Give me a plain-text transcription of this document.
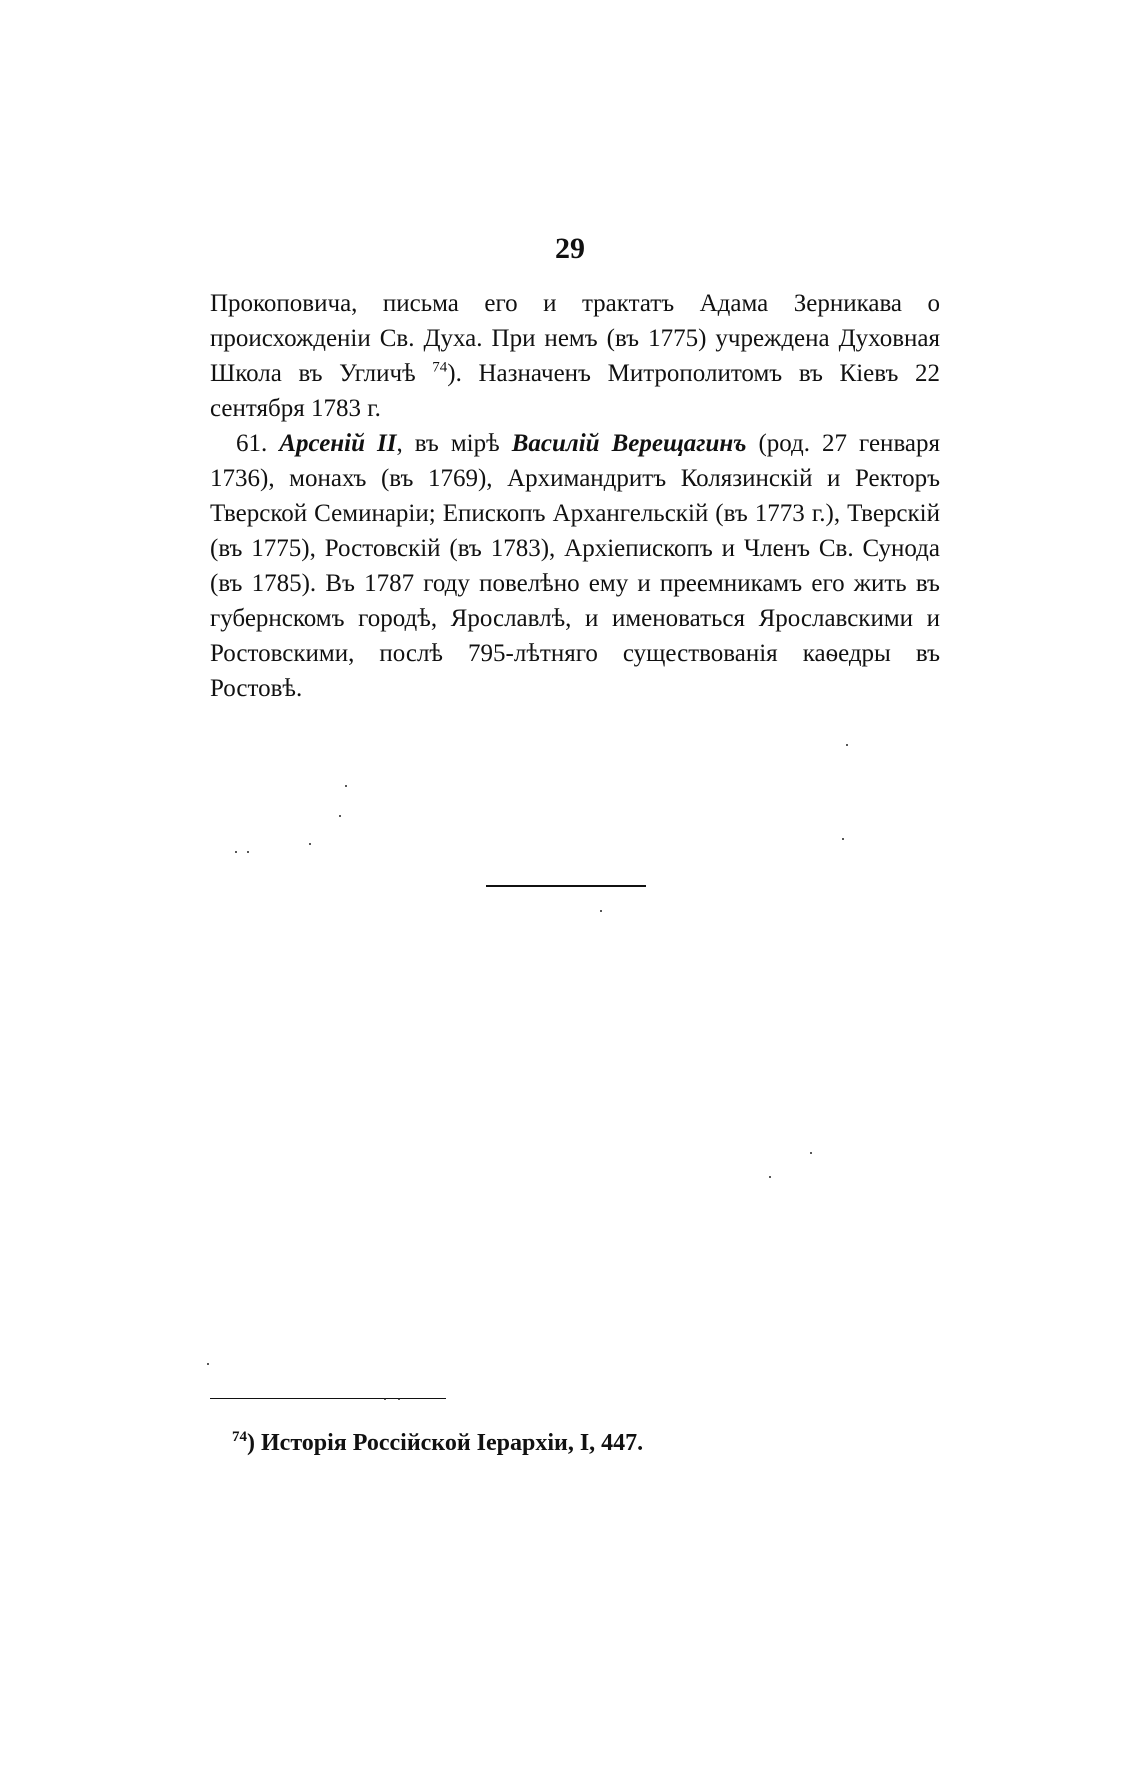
29

Прокоповича, письма его и трактатъ Адама Зерникава о происхожденіи Св. Духа. При немъ (въ 1775) учреждена Духовная Школа въ Угличѣ $^{74}$). Назначенъ Митрополитомъ въ Кіевъ 22 сентября 1783 г.

61. Арсеній II, въ мірѣ Василій Верещагинъ (род. 27 генваря 1736), монахъ (въ 1769), Архимандритъ Колязинскій и Ректоръ Тверской Семинаріи; Епископъ Архангельскій (въ 1773 г.), Тверскій (въ 1775), Ростовскій (въ 1783), Архіепископъ и Членъ Св. Сунода (въ 1785). Въ 1787 году повелѣно ему и преемникамъ его жить въ губернскомъ городѣ, Ярославлѣ, и именоваться Ярославскими и Ростовскими, послѣ 795-лѣтняго существованія каѳедры въ Ростовѣ.

$^{74}$) Исторія Россійской Іерархіи, I, 447.
